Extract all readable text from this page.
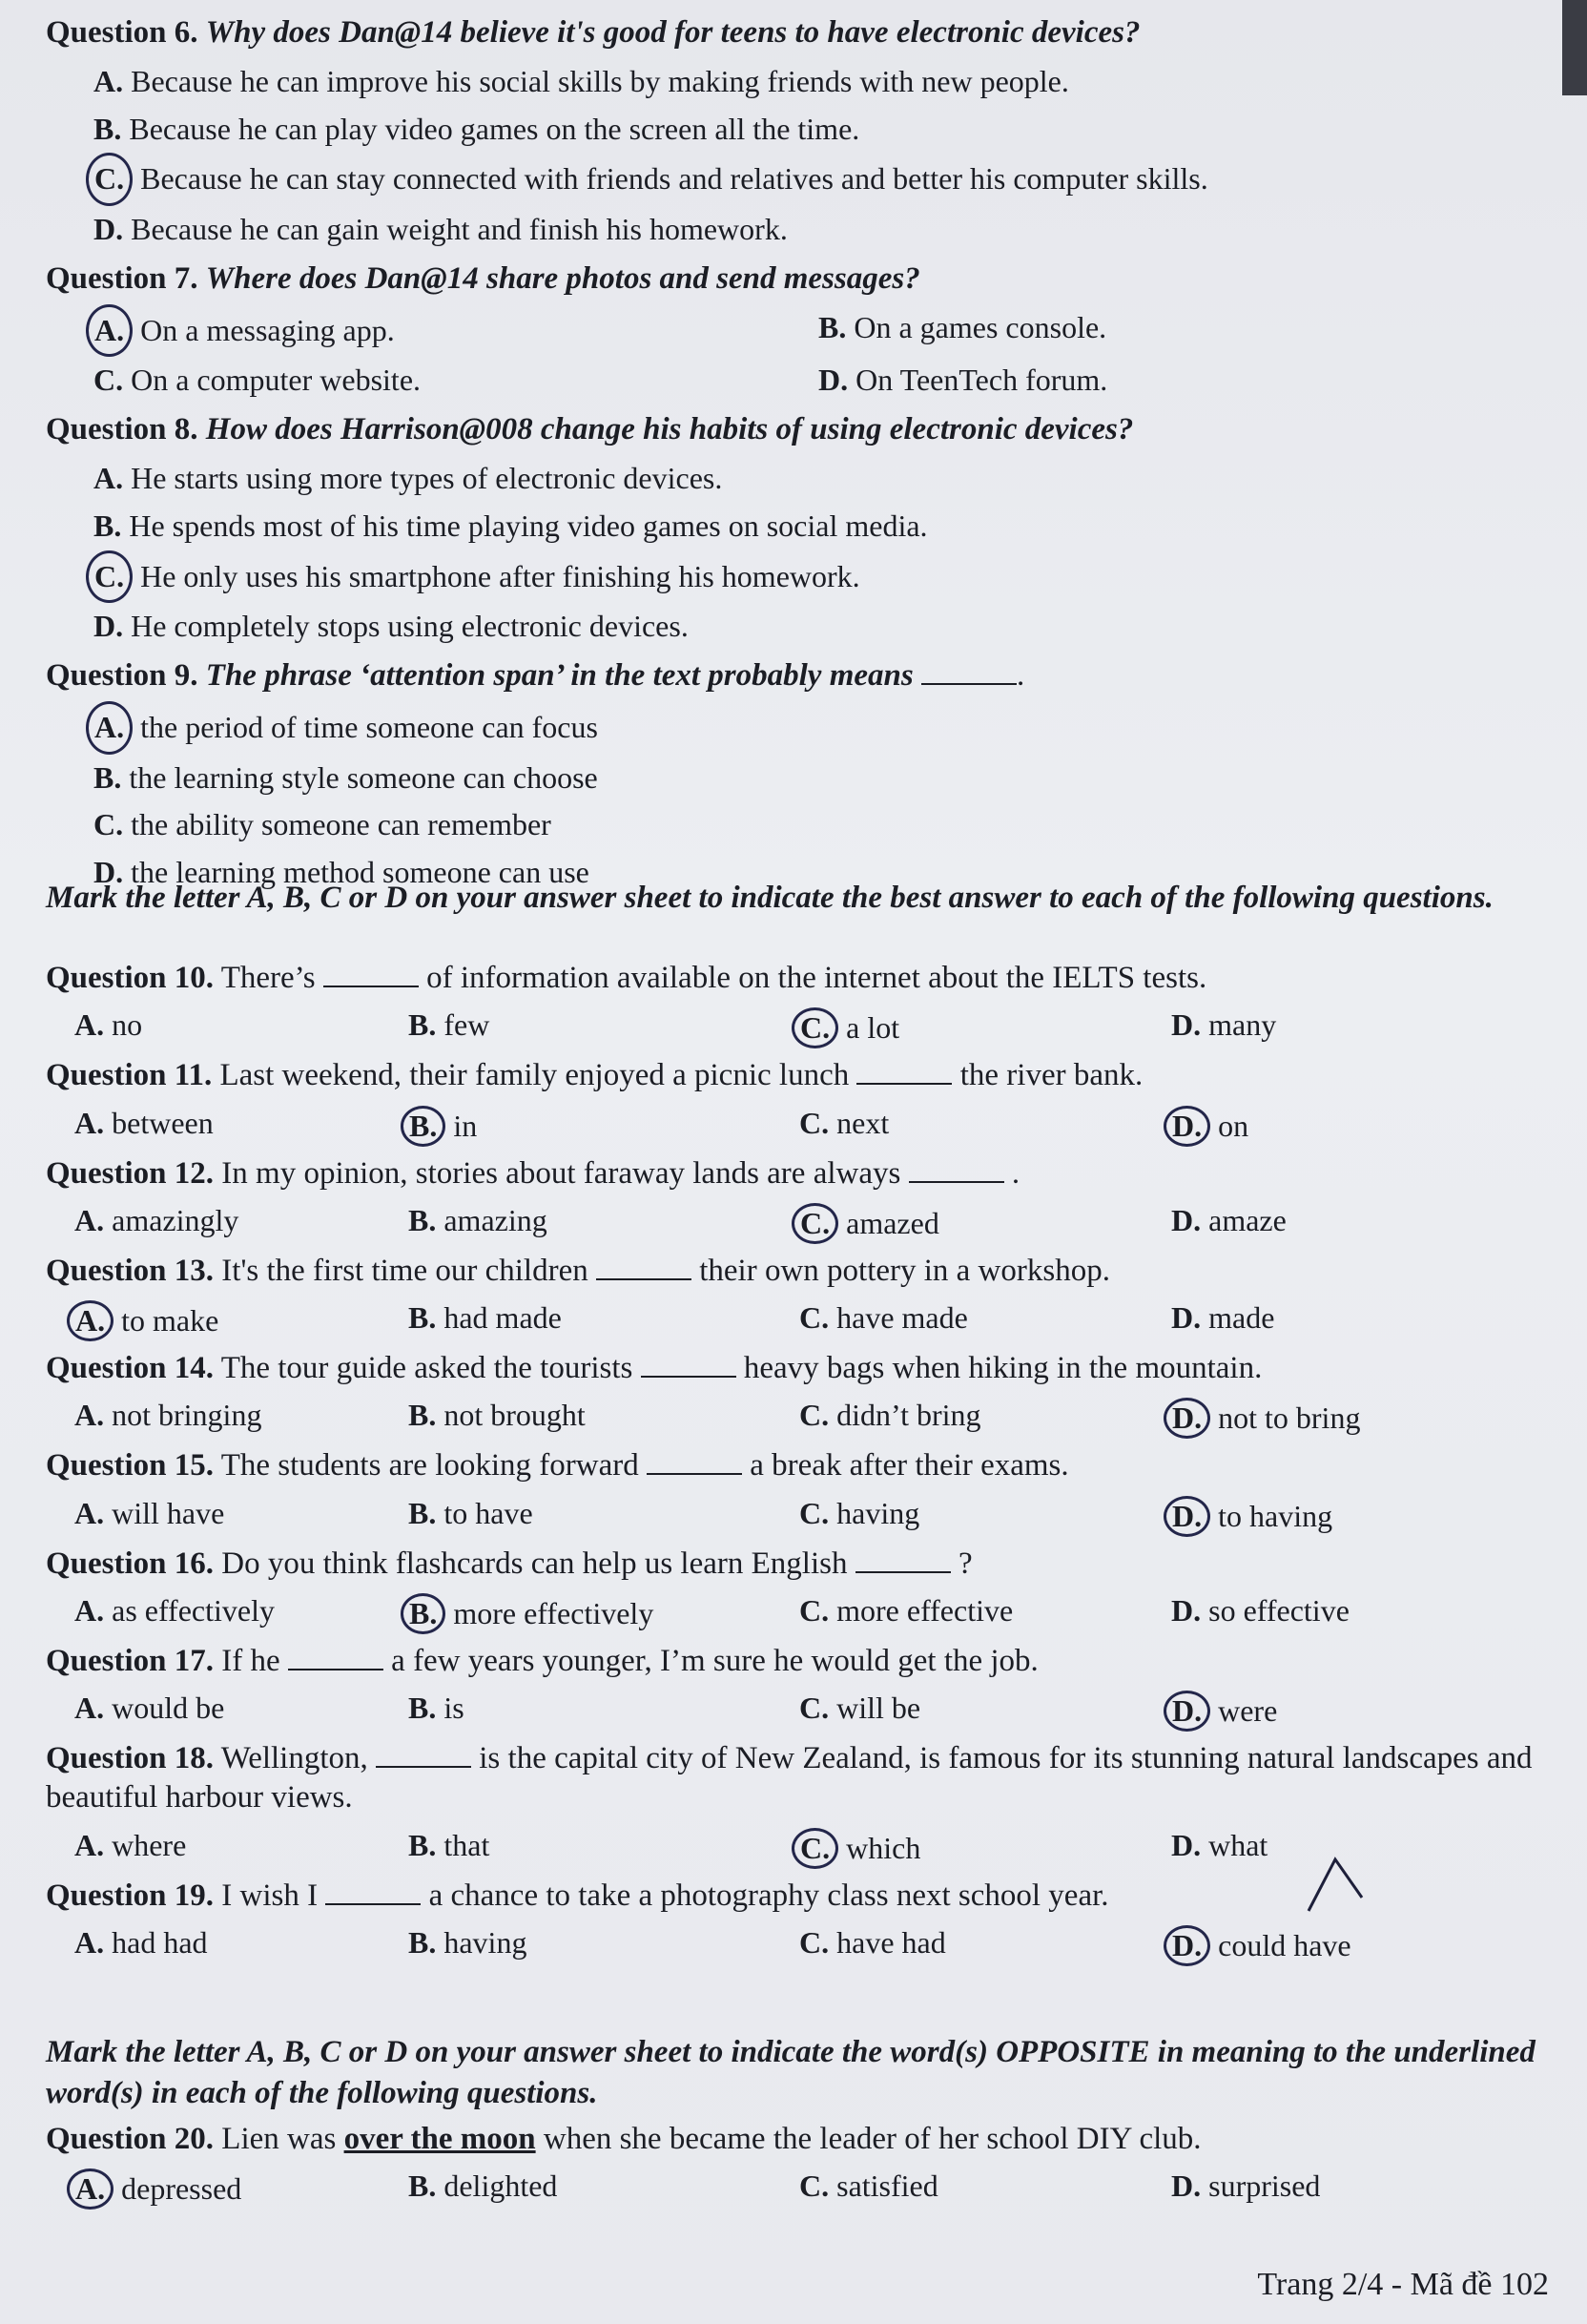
Question 6. Why does Dan@14 believe it's good for teens to have electronic devices?

A. Because he can improve his social skills by making friends with new people.
B. Because he can play video games on the screen all the time.
C. Because he can stay connected with friends and relatives and better his computer skills.
D. Because he can gain weight and finish his homework.

Question 7. Where does Dan@14 share photos and send messages?

A. On a messaging app.	B. On a games console.
C. On a computer website.	D. On TeenTech forum.

Question 8. How does Harrison@008 change his habits of using electronic devices?

A. He starts using more types of electronic devices.
B. He spends most of his time playing video games on social media.
C. He only uses his smartphone after finishing his homework.
D. He completely stops using electronic devices.

Question 9. The phrase ‘attention span’ in the text probably means	.

A. the period of time someone can focus
B. the learning style someone can choose
C. the ability someone can remember
D. the learning method someone can use

Mark the letter A, B, C or D on your answer sheet to indicate the best answer to each of the following questions.

Question 10. There’s	of information available on the internet about the IELTS tests.

A. no	B. few	C. a lot	D. many

Question 11. Last weekend, their family enjoyed a picnic lunch	the river bank.

A. between	B. in	C. next	D. on

Question 12. In my opinion, stories about faraway lands are always	.

A. amazingly	B. amazing	C. amazed	D. amaze

Question 13. It's the first time our children	their own pottery in a workshop.

A. to make	B. had made	C. have made	D. made

Question 14. The tour guide asked the tourists	heavy bags when hiking in the mountain.

A. not bringing	B. not brought	C. didn’t bring	D. not to bring

Question 15. The students are looking forward	a break after their exams.

A. will have	B. to have	C. having	D. to having

Question 16. Do you think flashcards can help us learn English	?

A. as effectively	B. more effectively	C. more effective	D. so effective

Question 17. If he	a few years younger, I’m sure he would get the job.

A. would be	B. is	C. will be	D. were

Question 18. Wellington,	is the capital city of New Zealand, is famous for its stunning natural landscapes and beautiful harbour views.

A. where	B. that	C. which	D. what

Question 19. I wish I	a chance to take a photography class next school year.

A. had had	B. having	C. have had	D. could have

Mark the letter A, B, C or D on your answer sheet to indicate the word(s) OPPOSITE in meaning to the underlined word(s) in each of the following questions.

Question 20. Lien was over the moon when she became the leader of her school DIY club.

A. depressed	B. delighted	C. satisfied	D. surprised
Trang 2/4 - Mã đề 102
